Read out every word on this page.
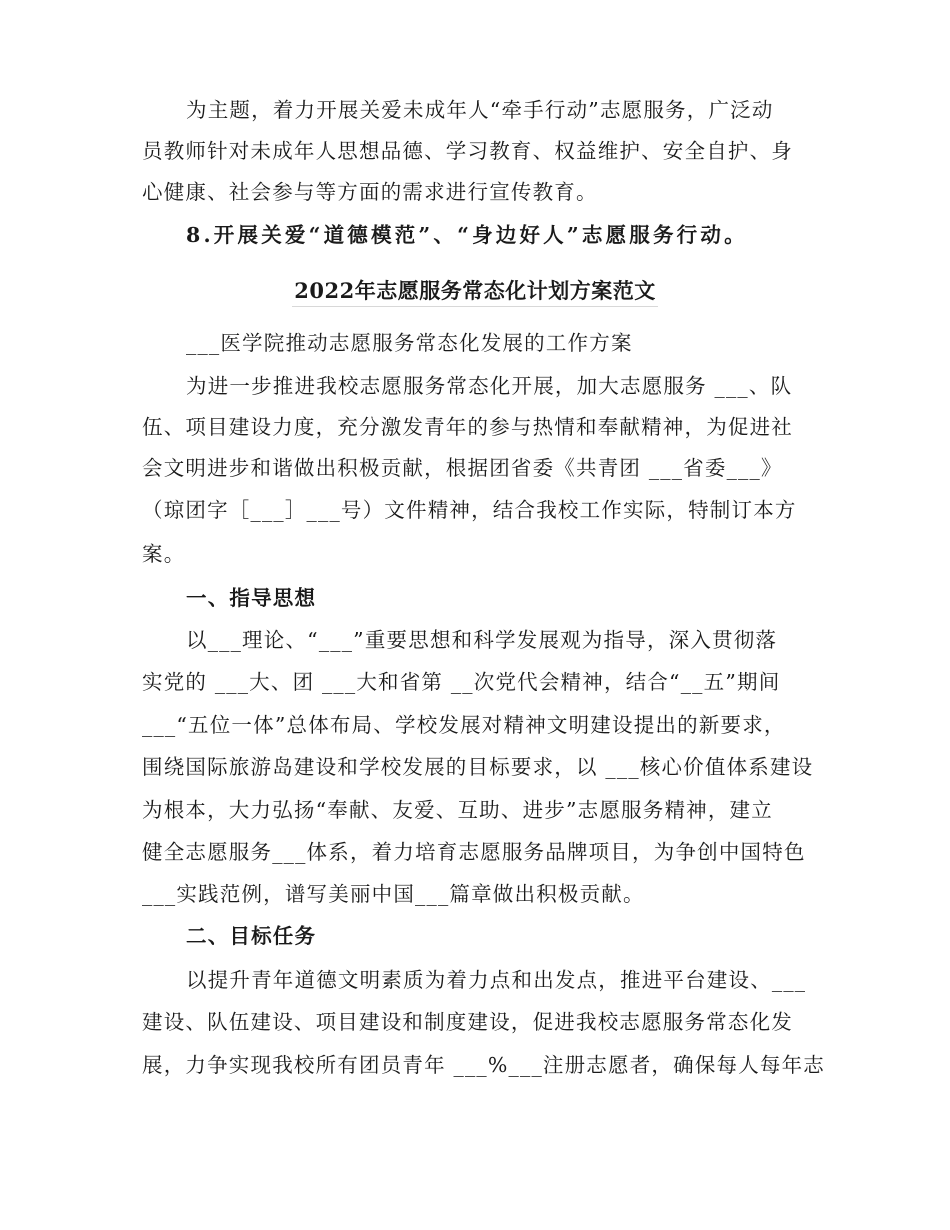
为主题，着力开展关爱未成年人“牵手行动”志愿服务，广泛动
员教师针对未成年人思想品德、学习教育、权益维护、安全自护、身
心健康、社会参与等方面的需求进行宣传教育。
8.开展关爱“道德模范”、“身边好人”志愿服务行动。
2022年志愿服务常态化计划方案范文
___医学院推动志愿服务常态化发展的工作方案
为进一步推进我校志愿服务常态化开展，加大志愿服务 ___、队
伍、项目建设力度，充分激发青年的参与热情和奉献精神，为促进社
会文明进步和谐做出积极贡献，根据团省委《共青团 ___省委___》
（琼团字［___］___号）文件精神，结合我校工作实际，特制订本方
案。
一、指导思想
以___理论、“___”重要思想和科学发展观为指导，深入贯彻落
实党的 ___大、团 ___大和省第 __次党代会精神，结合“__五”期间
___“五位一体”总体布局、学校发展对精神文明建设提出的新要求，
围绕国际旅游岛建设和学校发展的目标要求，以 ___核心价值体系建设
为根本，大力弘扬“奉献、友爱、互助、进步”志愿服务精神，建立
健全志愿服务___体系，着力培育志愿服务品牌项目，为争创中国特色
___实践范例，谱写美丽中国___篇章做出积极贡献。
二、目标任务
以提升青年道德文明素质为着力点和出发点，推进平台建设、___
建设、队伍建设、项目建设和制度建设，促进我校志愿服务常态化发
展，力争实现我校所有团员青年 ___%___注册志愿者，确保每人每年志
